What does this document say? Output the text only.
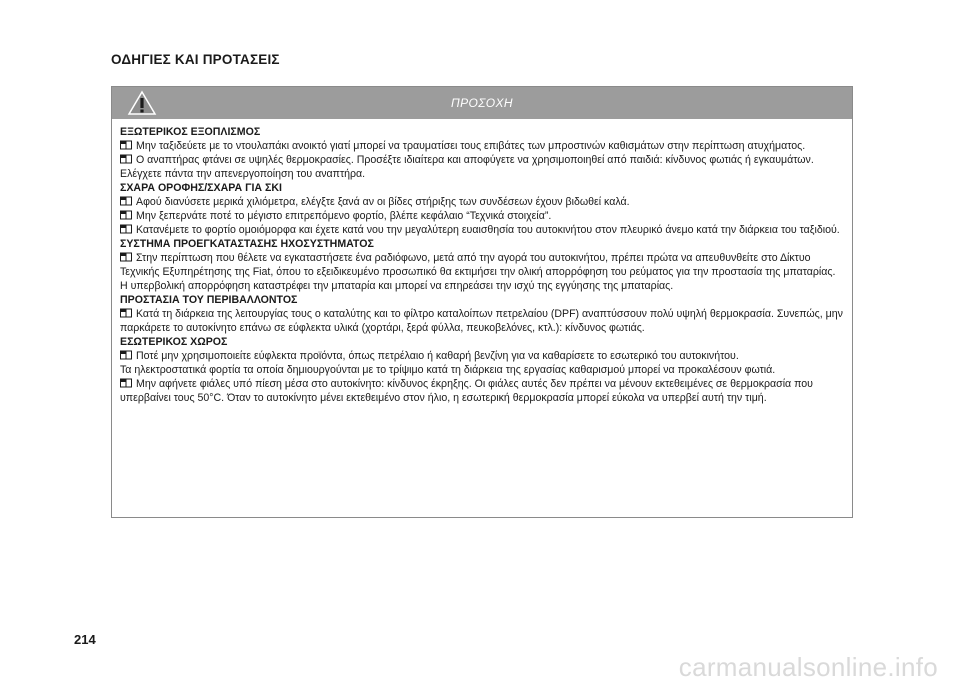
ΟΔΗΓΙΕΣ ΚΑΙ ΠΡΟΤΑΣΕΙΣ
ΠΡΟΣΟΧΗ
ΕΞΩΤΕΡΙΚΟΣ ΕΞΟΠΛΙΣΜΟΣ

Μην ταξιδεύετε με το ντουλαπάκι ανοικτό γιατί μπορεί να τραυματίσει τους επιβάτες των μπροστινών καθισμάτων στην περίπτωση ατυχήματος.

Ο αναπτήρας φτάνει σε υψηλές θερμοκρασίες. Προσέξτε ιδιαίτερα και αποφύγετε να χρησιμοποιηθεί από παιδιά: κίνδυνος φωτιάς ή εγκαυμάτων. Ελέγχετε πάντα την απενεργοποίηση του αναπτήρα.

ΣΧΑΡΑ ΟΡΟΦΗΣ/ΣΧΑΡΑ ΓΙΑ ΣΚΙ

Αφού διανύσετε μερικά χιλιόμετρα, ελέγξτε ξανά αν οι βίδες στήριξης των συνδέσεων έχουν βιδωθεί καλά.

Μην ξεπερνάτε ποτέ το μέγιστο επιτρεπόμενο φορτίο, βλέπε κεφάλαιο “Τεχνικά στοιχεία”.

Κατανέμετε το φορτίο ομοιόμορφα και έχετε κατά νου την μεγαλύτερη ευαισθησία του αυτοκινήτου στον πλευρικό άνεμο κατά την διάρκεια του ταξιδιού.

ΣΥΣΤΗΜΑ ΠΡΟΕΓΚΑΤΑΣΤΑΣΗΣ ΗΧΟΣΥΣΤΗΜΑΤΟΣ

Στην περίπτωση που θέλετε να εγκαταστήσετε ένα ραδιόφωνο, μετά από την αγορά του αυτοκινήτου, πρέπει πρώτα να απευθυνθείτε στο Δίκτυο Τεχνικής Εξυπηρέτησης της Fiat, όπου το εξειδικευμένο προσωπικό θα εκτιμήσει την ολική απορρόφηση του ρεύματος για την προστασία της μπαταρίας. Η υπερβολική απορρόφηση καταστρέφει την μπαταρία και μπορεί να επηρεάσει την ισχύ της εγγύησης της μπαταρίας.

ΠΡΟΣΤΑΣΙΑ ΤΟΥ ΠΕΡΙΒΑΛΛΟΝΤΟΣ

Κατά τη διάρκεια της λειτουργίας τους ο καταλύτης και το φίλτρο καταλοίπων πετρελαίου (DPF) αναπτύσσουν πολύ υψηλή θερμοκρασία. Συνεπώς, μην παρκάρετε το αυτοκίνητο επάνω σε εύφλεκτα υλικά (χορτάρι, ξερά φύλλα, πευκοβελόνες, κτλ.): κίνδυνος φωτιάς.

ΕΣΩΤΕΡΙΚΟΣ ΧΩΡΟΣ

Ποτέ μην χρησιμοποιείτε εύφλεκτα προϊόντα, όπως πετρέλαιο ή καθαρή βενζίνη για να καθαρίσετε το εσωτερικό του αυτοκινήτου.

Τα ηλεκτροστατικά φορτία τα οποία δημιουργούνται με το τρίψιμο κατά τη διάρκεια της εργασίας καθαρισμού μπορεί να προκαλέσουν φωτιά.

Μην αφήνετε φιάλες υπό πίεση μέσα στο αυτοκίνητο: κίνδυνος έκρηξης. Οι φιάλες αυτές δεν πρέπει να μένουν εκτεθειμένες σε θερμοκρασία που υπερβαίνει τους 50°C. Όταν το αυτοκίνητο μένει εκτεθειμένο στον ήλιο, η εσωτερική θερμοκρασία μπορεί εύκολα να υπερβεί αυτή την τιμή.

214
carmanualsonline.info
